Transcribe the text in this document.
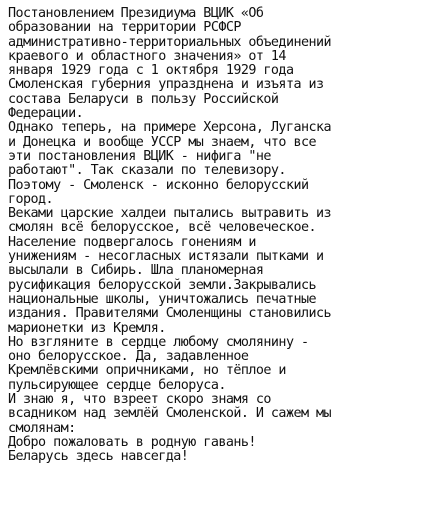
Постановлением Президиума ВЦИК «Об
образовании на территории РСФСР
административно-территориальных объединений
краевого и областного значения» от 14
января 1929 года с 1 октября 1929 года
Смоленская губерния упразднена и изъята из
состава Беларуси в пользу Российской
Федерации.
Однако теперь, на примере Херсона, Луганска
и Донецка и вообще УССР мы знаем, что все
эти постановления ВЦИК - нифига "не
работают". Так сказали по телевизору.
Поэтому - Смоленск - исконно белорусский
город.
Веками царские халдеи пытались вытравить из
смолян всё белорусское, всё человеческое.
Население подвергалось гонениям и
унижениям - несогласных истязали пытками и
высылали в Сибирь. Шла планомерная
русификация белорусской земли.Закрывались
национальные школы, уничтожались печатные
издания. Правителями Смоленщины становились
марионетки из Кремля.
Но взгляните в сердце любому смолянину -
оно белорусское. Да, задавленное
Кремлёвскими опричниками, но тёплое и
пульсирующее сердце белоруса.
И знаю я, что взреет скоро знамя со
всадником над землёй Смоленской. И сажем мы
смолянам:
Добро пожаловать в родную гавань!
Беларусь здесь навсегда!
